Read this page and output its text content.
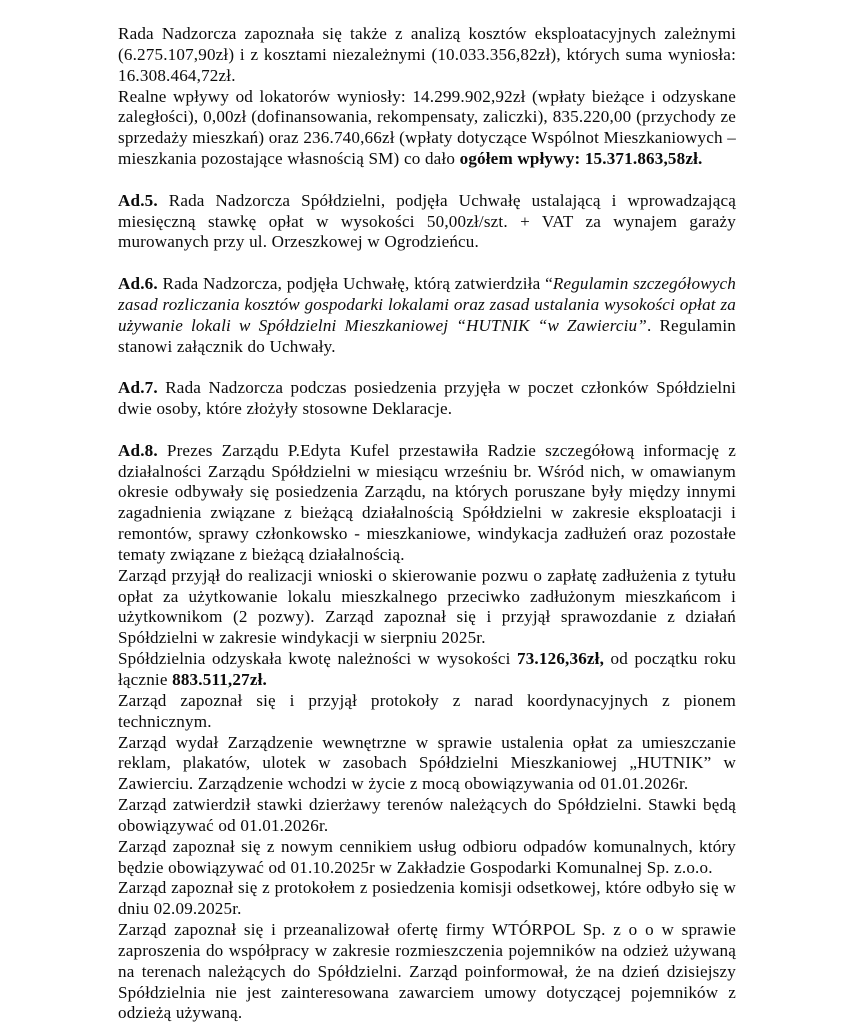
Rada Nadzorcza zapoznała się także z analizą kosztów eksploatacyjnych zależnymi (6.275.107,90zł) i z kosztami niezależnymi (10.033.356,82zł), których suma wyniosła: 16.308.464,72zł.

Realne wpływy od lokatorów wyniosły: 14.299.902,92zł (wpłaty bieżące i odzyskane zaległości), 0,00zł (dofinansowania, rekompensaty, zaliczki), 835.220,00 (przychody ze sprzedaży mieszkań) oraz 236.740,66zł (wpłaty dotyczące Wspólnot Mieszkaniowych – mieszkania pozostające własnością SM) co dało ogółem wpływy: 15.371.863,58zł.

Ad.5. Rada Nadzorcza Spółdzielni, podjęła Uchwałę ustalającą i wprowadzającą miesięczną stawkę opłat w wysokości 50,00zł/szt. + VAT za wynajem garaży murowanych przy ul. Orzeszkowej w Ogrodzieńcu.

Ad.6. Rada Nadzorcza, podjęła Uchwałę, którą zatwierdziła “Regulamin szczegółowych zasad rozliczania kosztów gospodarki lokalami oraz zasad ustalania wysokości opłat za używanie lokali w Spółdzielni Mieszkaniowej “HUTNIK “w Zawierciu”. Regulamin stanowi załącznik do Uchwały.

Ad.7. Rada Nadzorcza podczas posiedzenia przyjęła w poczet członków Spółdzielni dwie osoby, które złożyły stosowne Deklaracje.

Ad.8. Prezes Zarządu P.Edyta Kufel przestawiła Radzie szczegółową informację z działalności Zarządu Spółdzielni w miesiącu wrześniu br. Wśród nich, w omawianym okresie odbywały się posiedzenia Zarządu, na których poruszane były między innymi zagadnienia związane z bieżącą działalnością Spółdzielni w zakresie eksploatacji i remontów, sprawy członkowsko - mieszkaniowe, windykacja zadłużeń oraz pozostałe tematy związane z bieżącą działalnością.

Zarząd przyjął do realizacji wnioski o skierowanie pozwu o zapłatę zadłużenia z tytułu opłat za użytkowanie lokalu mieszkalnego przeciwko zadłużonym mieszkańcom i użytkownikom (2 pozwy). Zarząd zapoznał się i przyjął sprawozdanie z działań Spółdzielni w zakresie windykacji w sierpniu 2025r.

Spółdzielnia odzyskała kwotę należności w wysokości 73.126,36zł, od początku roku łącznie 883.511,27zł.

Zarząd zapoznał się i przyjął protokoły z narad koordynacyjnych z pionem technicznym.

Zarząd wydał Zarządzenie wewnętrzne w sprawie ustalenia opłat za umieszczanie reklam, plakatów, ulotek w zasobach Spółdzielni Mieszkaniowej „HUTNIK” w Zawierciu. Zarządzenie wchodzi w życie z mocą obowiązywania od 01.01.2026r.

Zarząd zatwierdził stawki dzierżawy terenów należących do Spółdzielni. Stawki będą obowiązywać od 01.01.2026r.

Zarząd zapoznał się z nowym cennikiem usług odbioru odpadów komunalnych, który będzie obowiązywać od 01.10.2025r w Zakładzie Gospodarki Komunalnej Sp. z.o.o.

Zarząd zapoznał się z protokołem z posiedzenia komisji odsetkowej, które odbyło się w dniu 02.09.2025r.

Zarząd zapoznał się i przeanalizował ofertę firmy WTÓRPOL Sp. z o o w sprawie zaproszenia do współpracy w zakresie rozmieszczenia pojemników na odzież używaną na terenach należących do Spółdzielni. Zarząd poinformował, że na dzień dzisiejszy Spółdzielnia nie jest zainteresowana zawarciem umowy dotyczącej pojemników z odzieżą używaną.
